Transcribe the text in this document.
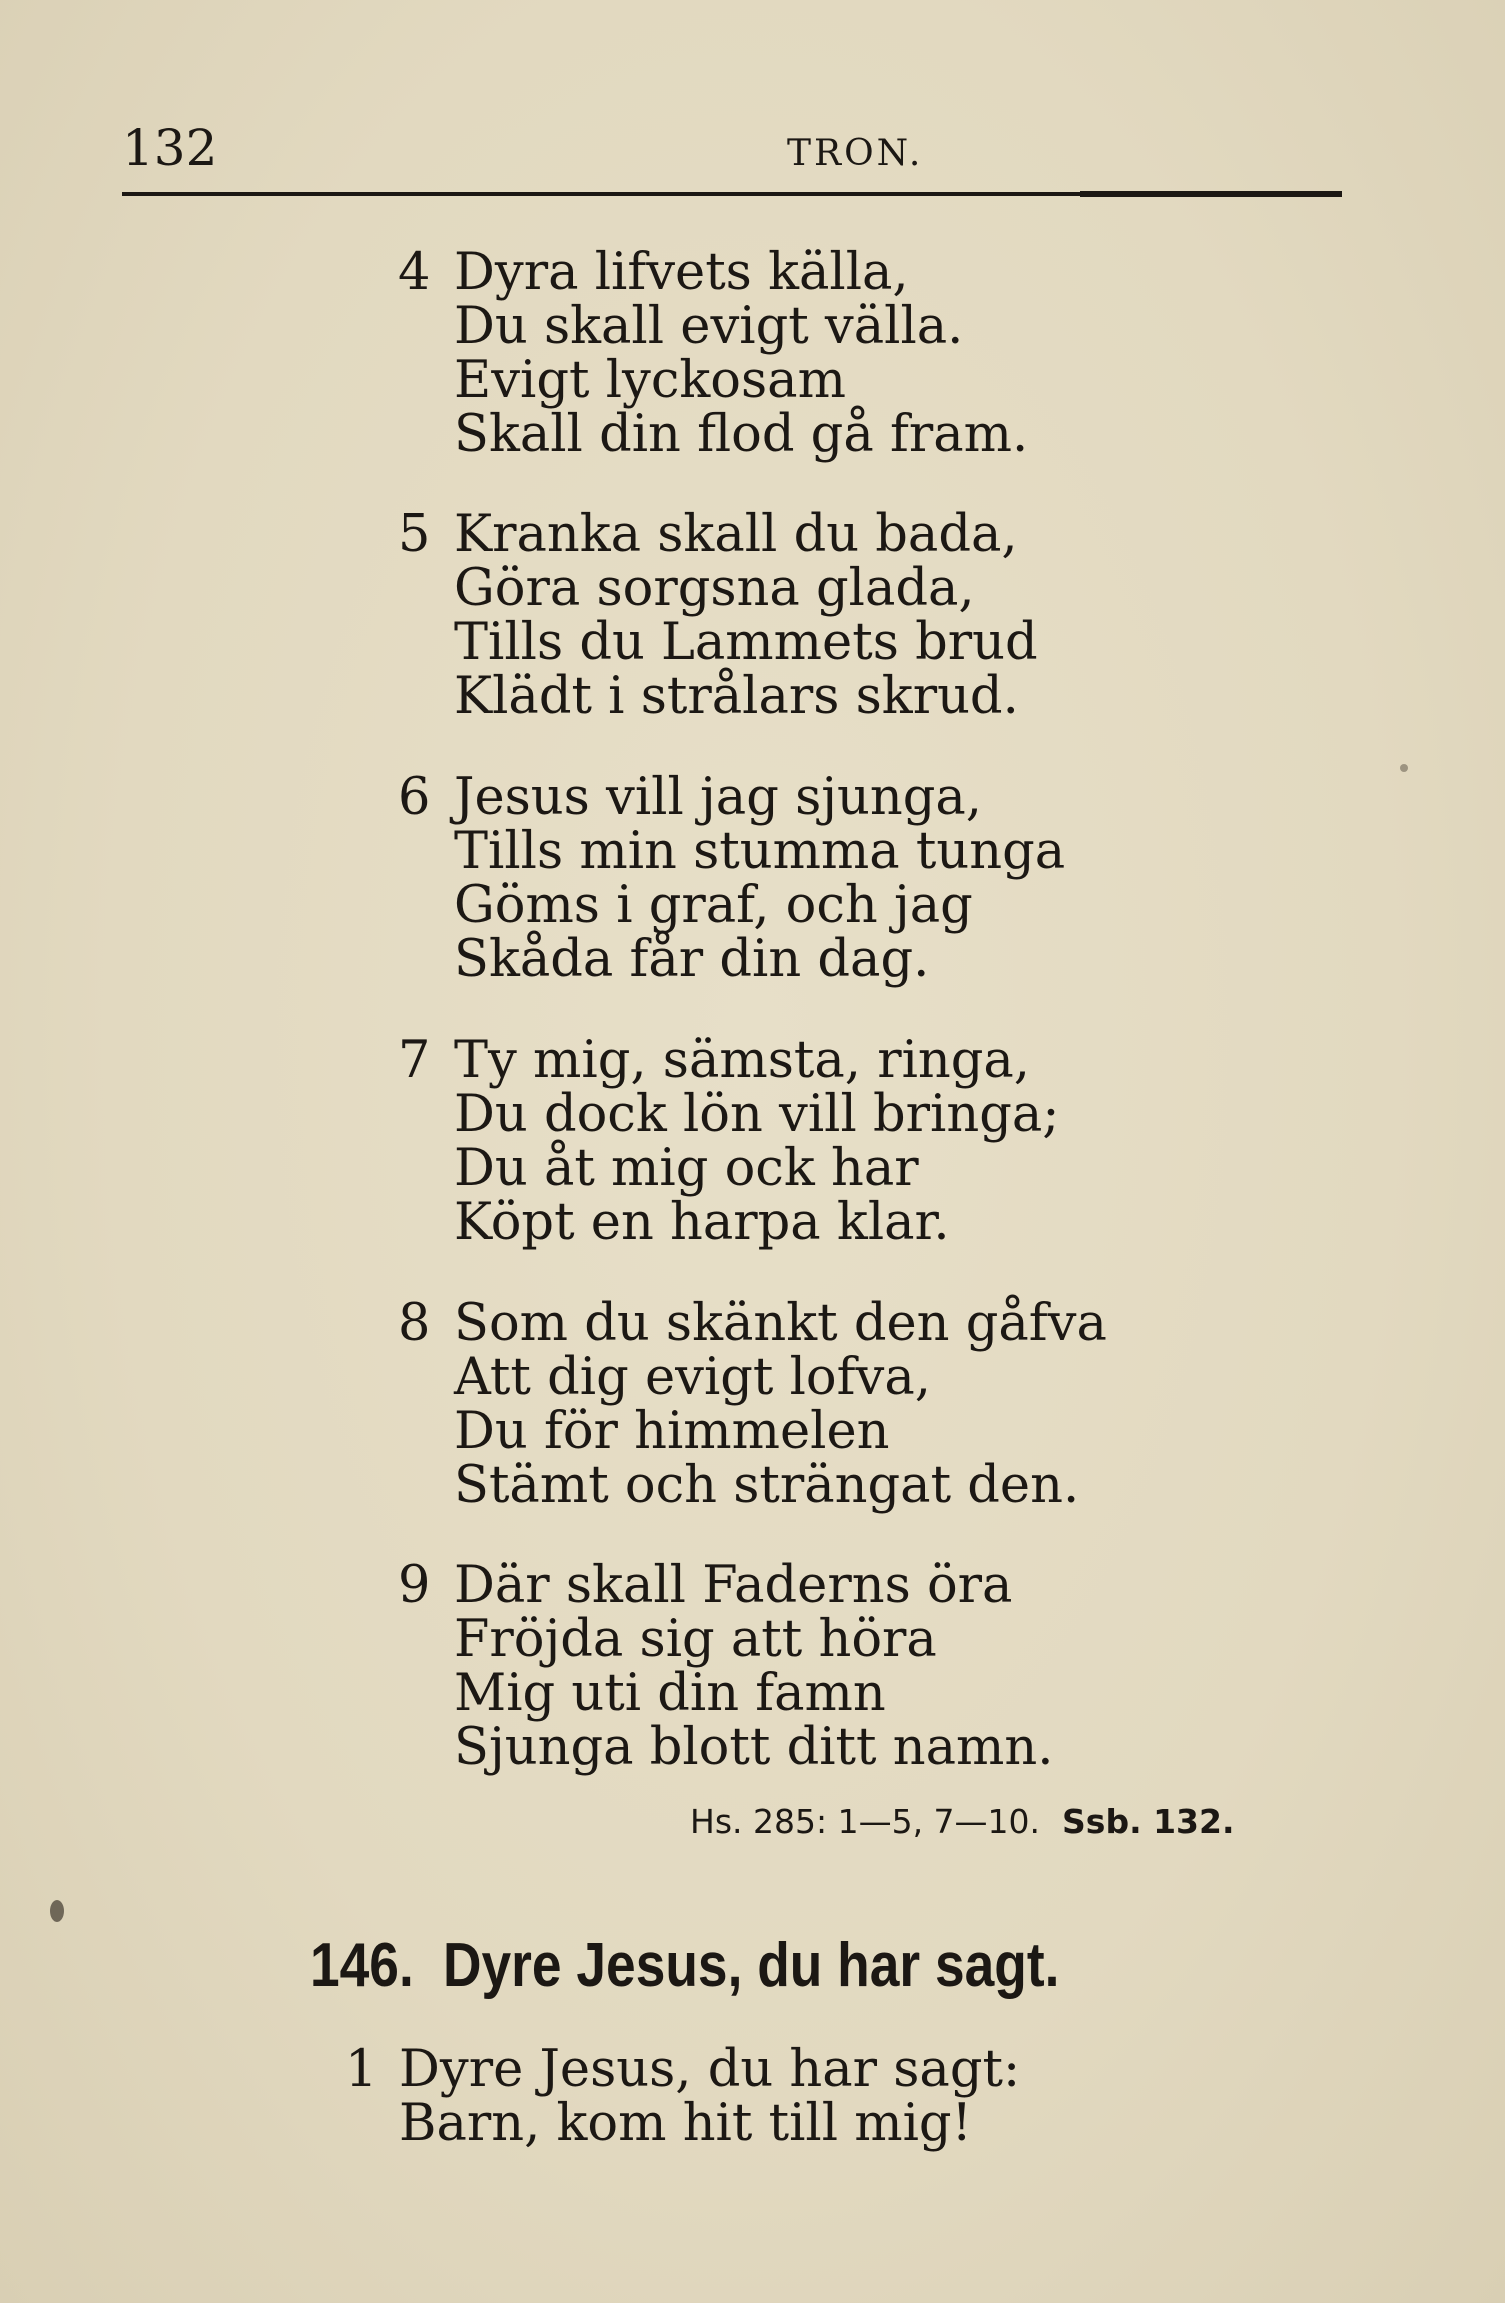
132	TRON.
4 Dyra lifvets källa,
Du skall evigt välla.
Evigt lyckosam
Skall din flod gå fram.
5 Kranka skall du bada,
Göra sorgsna glada,
Tills du Lammets brud
Klädt i strålars skrud.
6 Jesus vill jag sjunga,
Tills min stumma tunga
Göms i graf, och jag
Skåda får din dag.
7 Ty mig, sämsta, ringa,
Du dock lön vill bringa;
Du åt mig ock har
Köpt en harpa klar.
8 Som du skänkt den gåfva
Att dig evigt lofva,
Du för himmelen
Stämt och strängat den.
9 Där skall Faderns öra
Fröjda sig att höra
Mig uti din famn
Sjunga blott ditt namn.
Hs. 285: 1—5, 7—10. Ssb. 132.
146. Dyre Jesus, du har sagt.
1 Dyre Jesus, du har sagt:
Barn, kom hit till mig!
